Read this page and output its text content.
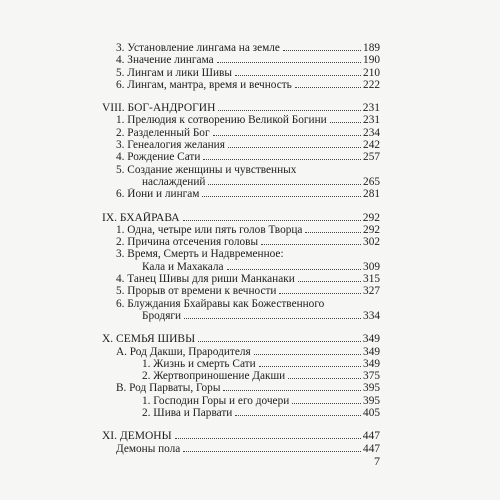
3. Установление лингама на земле	189
4. Значение лингама	190
5. Лингам и лики Шивы	210
6. Лингам, мантра, время и вечность	222
VIII. БОГ-АНДРОГИН	231
1. Прелюдия к сотворению Великой Богини	231
2. Разделенный Бог	234
3. Генеалогия желания	242
4. Рождение Сати	257
5. Создание женщины и чувственных
наслаждений	265
6. Йони и лингам	281
IX. БХАЙРАВА	292
1. Одна, четыре или пять голов Творца	292
2. Причина отсечения головы	302
3. Время, Смерть и Надвременное:
Кала и Махакала	309
4. Танец Шивы для риши Манканаки	315
5. Прорыв от времени к вечности	327
6. Блуждания Бхайравы как Божественного
Бродяги	334
X. СЕМЬЯ ШИВЫ	349
A. Род Дакши, Прародителя	349
1. Жизнь и смерть Сати	349
2. Жертвоприношение Дакши	375
B. Род Парваты, Горы	395
1. Господин Горы и его дочери	395
2. Шива и Парвати	405
XI. ДЕМОНЫ	447
Демоны пола	447
7
